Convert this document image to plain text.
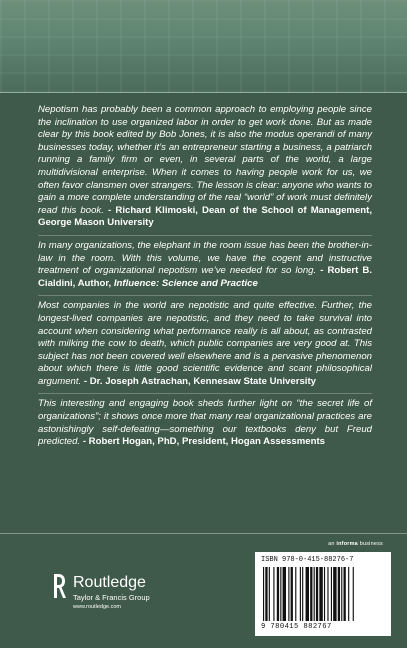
Nepotism has probably been a common approach to employing people since the inclination to use organized labor in order to get work done. But as made clear by this book edited by Bob Jones, it is also the modus operandi of many businesses today, whether it’s an entrepreneur starting a business, a patriarch running a family firm or even, in several parts of the world, a large multidivisional enterprise. When it comes to having people work for us, we often favor clansmen over strangers. The lesson is clear: anyone who wants to gain a more complete understanding of the real “world” of work must definitely read this book. - Richard Klimoski, Dean of the School of Management, George Mason University

In many organizations, the elephant in the room issue has been the brother-in-law in the room. With this volume, we have the cogent and instructive treatment of organizational nepotism we’ve needed for so long. - Robert B. Cialdini, Author, Influence: Science and Practice

Most companies in the world are nepotistic and quite effective. Further, the longest-lived companies are nepotistic, and they need to take survival into account when considering what performance really is all about, as contrasted with milking the cow to death, which public companies are very good at. This subject has not been covered well elsewhere and is a pervasive phenomenon about which there is little good scientific evidence and scant philosophical argument. - Dr. Joseph Astrachan, Kennesaw State University

This interesting and engaging book sheds further light on “the secret life of organizations”; it shows once more that many real organizational practices are astonishingly self-defeating—something our textbooks deny but Freud predicted. - Robert Hogan, PhD, President, Hogan Assessments

an informa business
Routledge
Taylor & Francis Group
www.routledge.com
ISBN 978-0-415-88276-7
9 780415 882767
